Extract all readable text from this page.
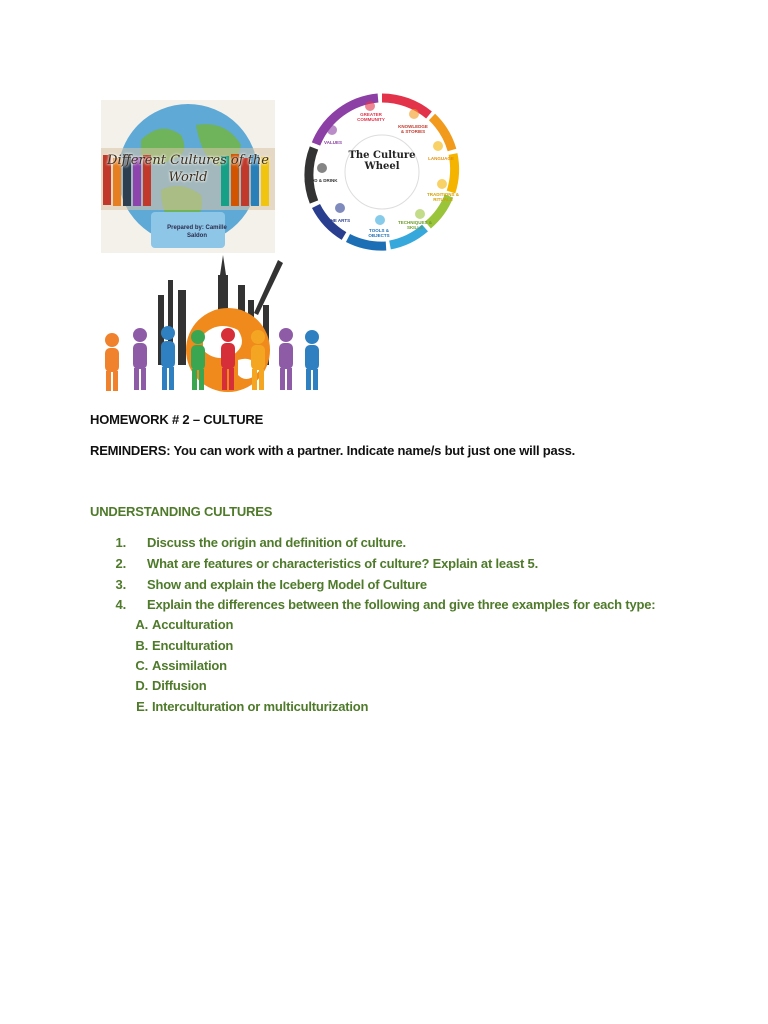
Different Cultures of the World
Prepared by: Camille Saldon
The Culture Wheel
GREATER COMMUNITY
KNOWLEDGE & STORIES
LANGUAGE
TRADITIONS & RITUALS
TECHNIQUES & SKILLS
TOOLS & OBJECTS
THE ARTS
FOOD & DRINK
VALUES
HOMEWORK # 2 – CULTURE
REMINDERS: You can work with a partner. Indicate name/s but just one will pass.
UNDERSTANDING CULTURES
1. Discuss the origin and definition of culture.
2. What are features or characteristics of culture? Explain at least 5.
3. Show and explain the Iceberg Model of Culture
4. Explain the differences between the following and give three examples for each type:
A. Acculturation
B. Enculturation
C. Assimilation
D. Diffusion
E. Interculturation or multiculturization
